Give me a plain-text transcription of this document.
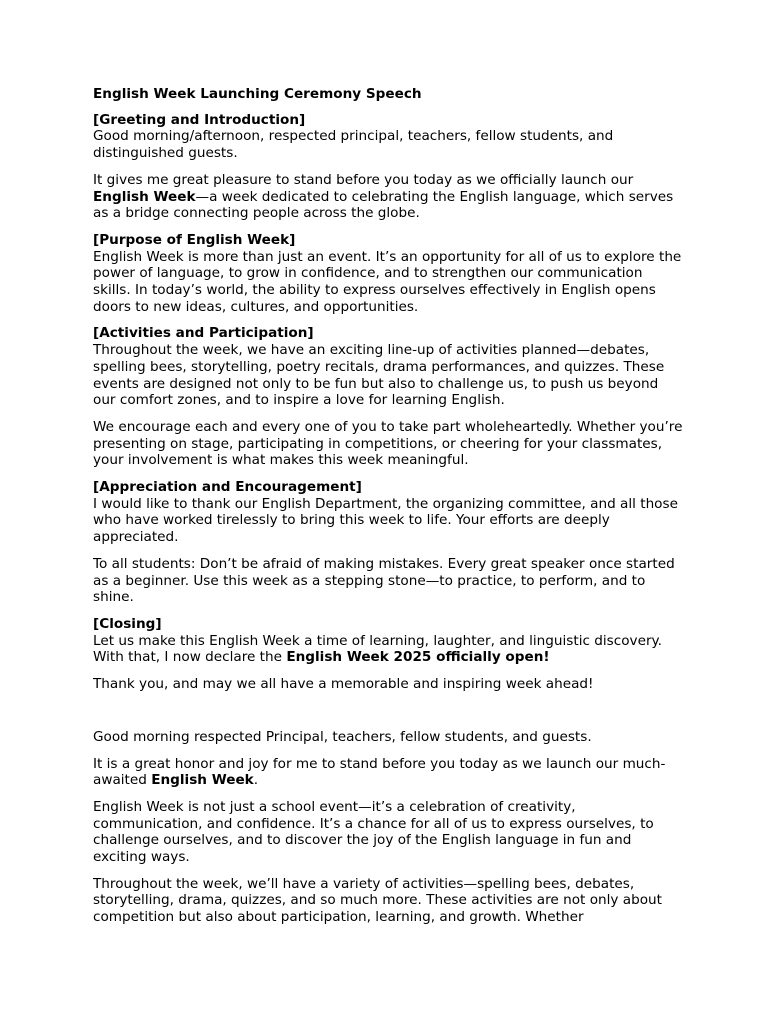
English Week Launching Ceremony Speech

[Greeting and Introduction]

Good morning/afternoon, respected principal, teachers, fellow students, and distinguished guests.

It gives me great pleasure to stand before you today as we officially launch our English Week—a week dedicated to celebrating the English language, which serves as a bridge connecting people across the globe.

[Purpose of English Week]

English Week is more than just an event. It’s an opportunity for all of us to explore the power of language, to grow in confidence, and to strengthen our communication skills. In today’s world, the ability to express ourselves effectively in English opens doors to new ideas, cultures, and opportunities.

[Activities and Participation]

Throughout the week, we have an exciting line-up of activities planned—debates, spelling bees, storytelling, poetry recitals, drama performances, and quizzes. These events are designed not only to be fun but also to challenge us, to push us beyond our comfort zones, and to inspire a love for learning English.

We encourage each and every one of you to take part wholeheartedly. Whether you’re presenting on stage, participating in competitions, or cheering for your classmates, your involvement is what makes this week meaningful.

[Appreciation and Encouragement]

I would like to thank our English Department, the organizing committee, and all those who have worked tirelessly to bring this week to life. Your efforts are deeply appreciated.

To all students: Don’t be afraid of making mistakes. Every great speaker once started as a beginner. Use this week as a stepping stone—to practice, to perform, and to shine.

[Closing]

Let us make this English Week a time of learning, laughter, and linguistic discovery. With that, I now declare the English Week 2025 officially open!

Thank you, and may we all have a memorable and inspiring week ahead!

Good morning respected Principal, teachers, fellow students, and guests.

It is a great honor and joy for me to stand before you today as we launch our much-awaited English Week.

English Week is not just a school event—it’s a celebration of creativity, communication, and confidence. It’s a chance for all of us to express ourselves, to challenge ourselves, and to discover the joy of the English language in fun and exciting ways.

Throughout the week, we’ll have a variety of activities—spelling bees, debates, storytelling, drama, quizzes, and so much more. These activities are not only about competition but also about participation, learning, and growth. Whether
